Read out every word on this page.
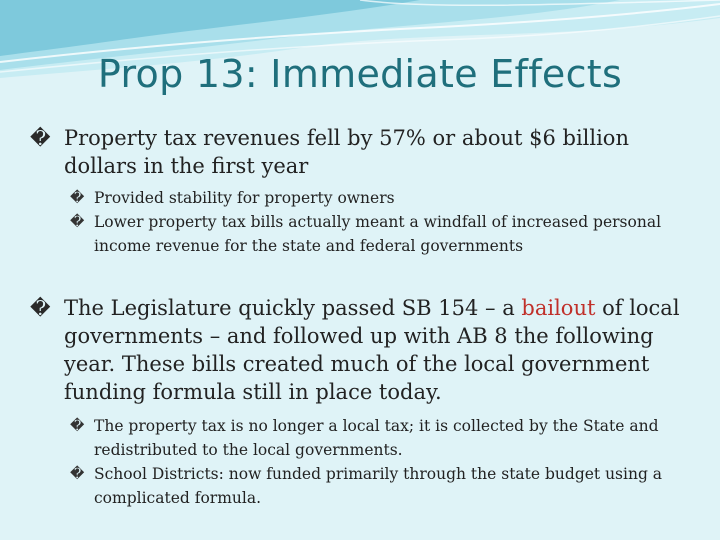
Prop 13: Immediate Effects
� Property tax revenues fell by 57% or about $6 billion dollars in the first year
� Provided stability for property owners
� Lower property tax bills actually meant a windfall of increased personal income revenue for the state and federal governments
� The Legislature quickly passed SB 154 – a bailout of local governments – and followed up with AB 8 the following year. These bills created much of the local government funding formula still in place today.
� The property tax is no longer a local tax; it is collected by the State and redistributed to the local governments.
� School Districts: now funded primarily through the state budget using a complicated formula.
